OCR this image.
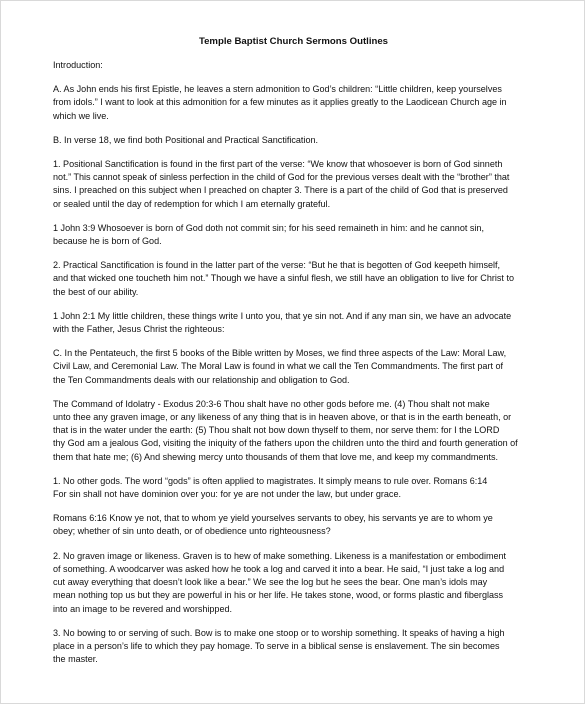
Temple Baptist Church Sermons Outlines
Introduction:
A. As John ends his first Epistle, he leaves a stern admonition to God’s children: “Little children, keep yourselves
from idols.” I want to look at this admonition for a few minutes as it applies greatly to the Laodicean Church age in
which we live.
B. In verse 18, we find both Positional and Practical Sanctification.
1. Positional Sanctification is found in the first part of the verse: “We know that whosoever is born of God sinneth
not.” This cannot speak of sinless perfection in the child of God for the previous verses dealt with the “brother” that
sins. I preached on this subject when I preached on chapter 3. There is a part of the child of God that is preserved
or sealed until the day of redemption for which I am eternally grateful.
1 John 3:9 Whosoever is born of God doth not commit sin; for his seed remaineth in him: and he cannot sin,
because he is born of God.
2. Practical Sanctification is found in the latter part of the verse: “But he that is begotten of God keepeth himself,
and that wicked one toucheth him not.” Though we have a sinful flesh, we still have an obligation to live for Christ to
the best of our ability.
1 John 2:1 My little children, these things write I unto you, that ye sin not. And if any man sin, we have an advocate
with the Father, Jesus Christ the righteous:
C. In the Pentateuch, the first 5 books of the Bible written by Moses, we find three aspects of the Law: Moral Law,
Civil Law, and Ceremonial Law. The Moral Law is found in what we call the Ten Commandments. The first part of
the Ten Commandments deals with our relationship and obligation to God.
The Command of Idolatry - Exodus 20:3-6 Thou shalt have no other gods before me. (4) Thou shalt not make
unto thee any graven image, or any likeness of any thing that is in heaven above, or that is in the earth beneath, or
that is in the water under the earth: (5) Thou shalt not bow down thyself to them, nor serve them: for I the LORD
thy God am a jealous God, visiting the iniquity of the fathers upon the children unto the third and fourth generation of
them that hate me; (6) And shewing mercy unto thousands of them that love me, and keep my commandments.
1. No other gods. The word “gods” is often applied to magistrates. It simply means to rule over. Romans 6:14
For sin shall not have dominion over you: for ye are not under the law, but under grace.
Romans 6:16 Know ye not, that to whom ye yield yourselves servants to obey, his servants ye are to whom ye
obey; whether of sin unto death, or of obedience unto righteousness?
2. No graven image or likeness. Graven is to hew of make something. Likeness is a manifestation or embodiment
of something. A woodcarver was asked how he took a log and carved it into a bear. He said, “I just take a log and
cut away everything that doesn’t look like a bear.” We see the log but he sees the bear. One man’s idols may
mean nothing top us but they are powerful in his or her life. He takes stone, wood, or forms plastic and fiberglass
into an image to be revered and worshipped.
3. No bowing to or serving of such. Bow is to make one stoop or to worship something. It speaks of having a high
place in a person’s life to which they pay homage. To serve in a biblical sense is enslavement. The sin becomes
the master.
